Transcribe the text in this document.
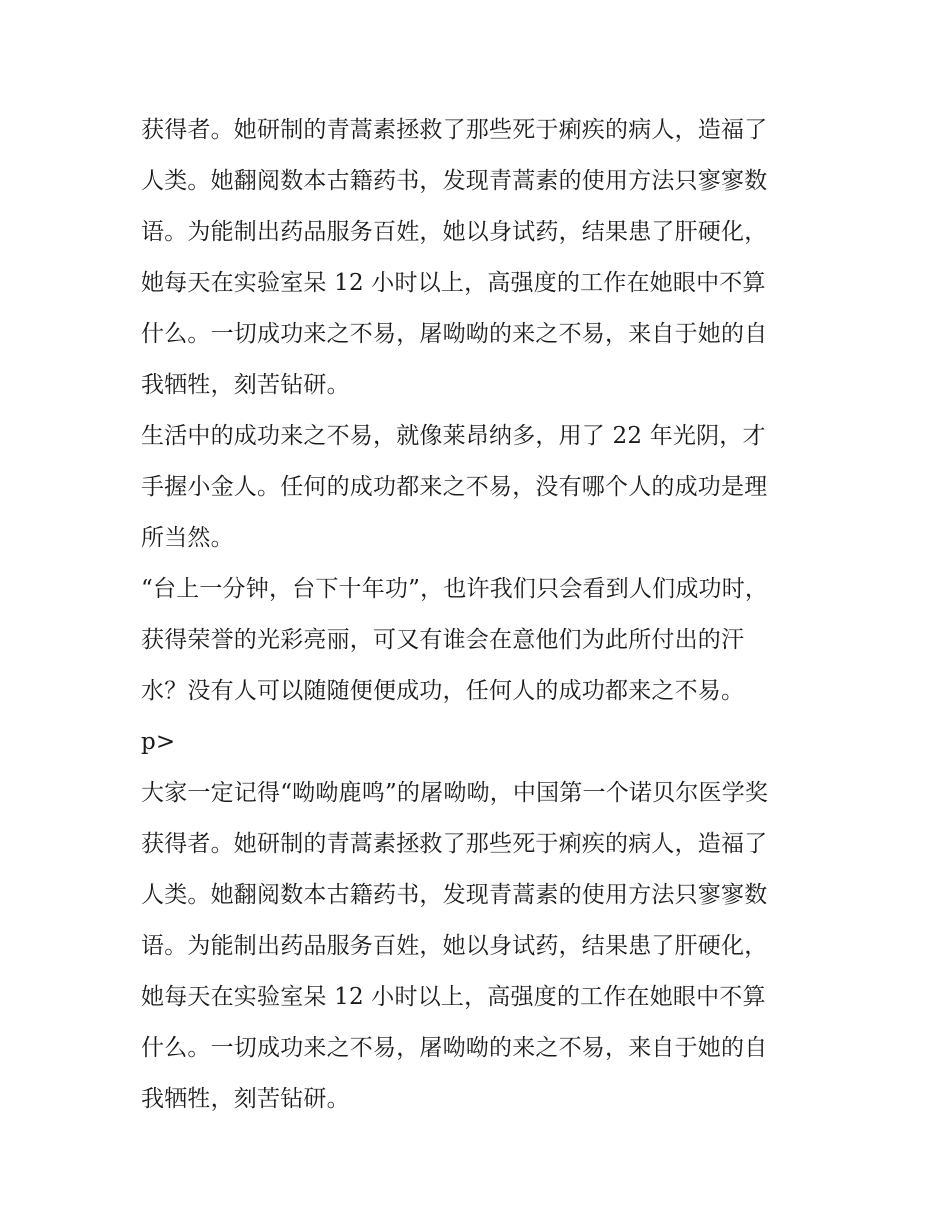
获得者。她研制的青蒿素拯救了那些死于痢疾的病人，造福了
人类。她翻阅数本古籍药书，发现青蒿素的使用方法只寥寥数
语。为能制出药品服务百姓，她以身试药，结果患了肝硬化，
她每天在实验室呆 12 小时以上，高强度的工作在她眼中不算
什么。一切成功来之不易，屠呦呦的来之不易，来自于她的自
我牺牲，刻苦钻研。
生活中的成功来之不易，就像莱昂纳多，用了 22 年光阴，才
手握小金人。任何的成功都来之不易，没有哪个人的成功是理
所当然。
“台上一分钟，台下十年功”，也许我们只会看到人们成功时，
获得荣誉的光彩亮丽，可又有谁会在意他们为此所付出的汗
水？没有人可以随随便便成功，任何人的成功都来之不易。
p>
大家一定记得“呦呦鹿鸣”的屠呦呦，中国第一个诺贝尔医学奖
获得者。她研制的青蒿素拯救了那些死于痢疾的病人，造福了
人类。她翻阅数本古籍药书，发现青蒿素的使用方法只寥寥数
语。为能制出药品服务百姓，她以身试药，结果患了肝硬化，
她每天在实验室呆 12 小时以上，高强度的工作在她眼中不算
什么。一切成功来之不易，屠呦呦的来之不易，来自于她的自
我牺牲，刻苦钻研。
